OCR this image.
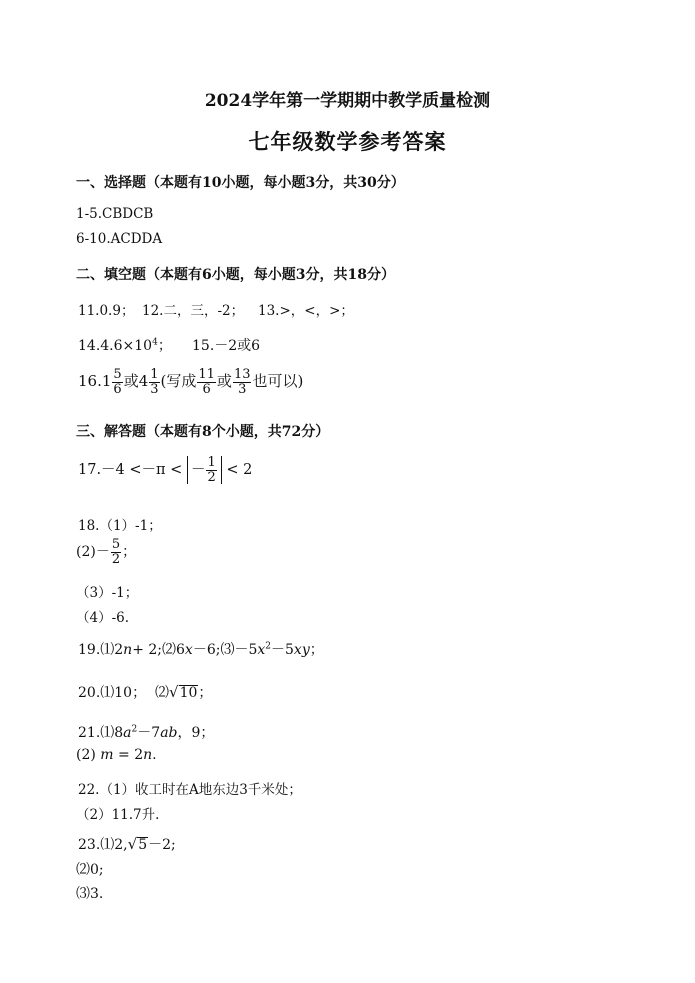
2024学年第一学期期中教学质量检测
七年级数学参考答案
一、选择题（本题有10小题，每小题3分，共30分）
1-5.CBDCB
6-10.ACDDA
二、填空题（本题有6小题，每小题3分，共18分）
11.0.9； 12.二，三，-2； 13.>，<，>；
$14.4.6\times 10^4$； 15.－2或6
$16.1 \frac{5}{6}$ 或$4 \frac{1}{3}$ (写成 $\frac{11}{6}$ 或 $\frac{13}{3}$ 也可以)
三、解答题（本题有8个小题，共72分）
17.－4 <－π < － $\frac{1}{2} < 2$
18.（1）-1；
$(2)- \frac{5}{2}$ ；
（3）-1；
（4）-6.
19.⑴2n+ $2;⑵6x-6;⑶-5x^2-5xy$；
20.⑴10； ⑵ √ 10 ；
$21.⑴8a^2-7ab$，9；
(2) m = 2n.
22.（1）收工时在A地东边3千米处；
（2）11.7升.
23.⑴2, √ 5 －2;
⑵0;
⑶3.
